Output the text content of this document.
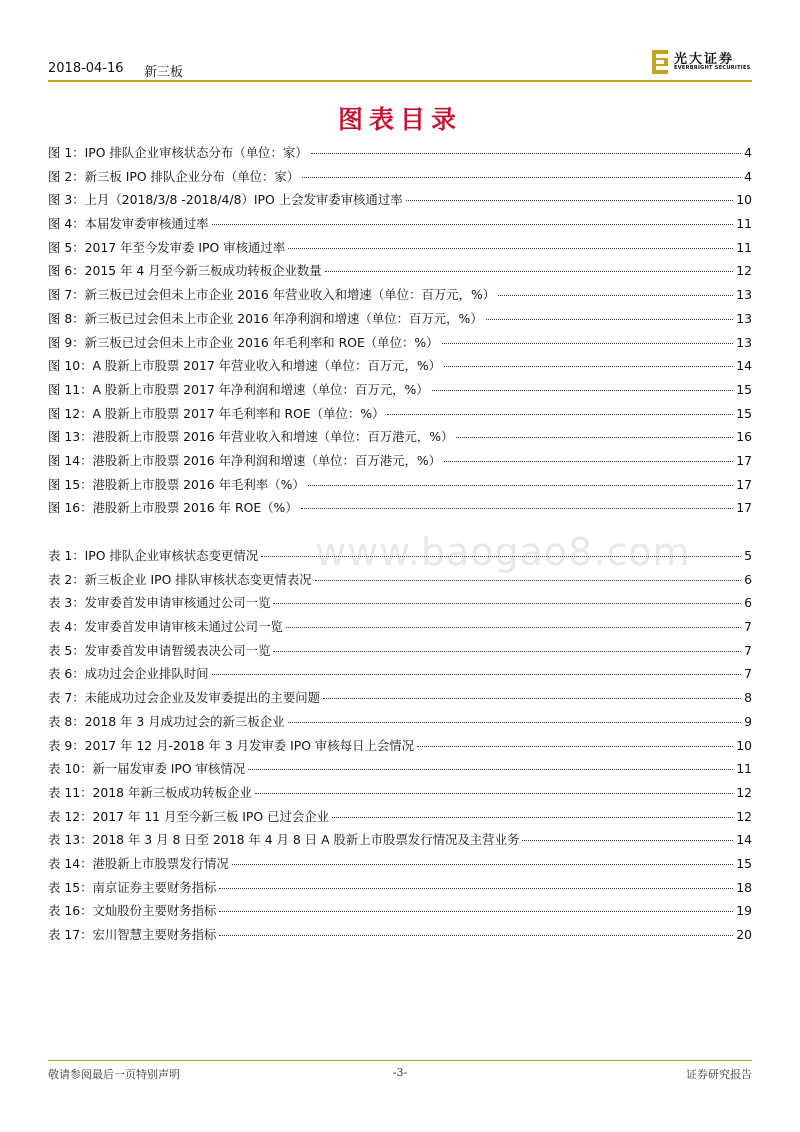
2018-04-16 新三板
光大证券
EVERBRIGHT SECURITIES
图表目录
www.baogao8.com
图 1：IPO 排队企业审核状态分布（单位：家）	4
图 2：新三板 IPO 排队企业分布（单位：家）	4
图 3：上月（2018/3/8 -2018/4/8）IPO 上会发审委审核通过率	10
图 4：本届发审委审核通过率	11
图 5：2017 年至今发审委 IPO 审核通过率	11
图 6：2015 年 4 月至今新三板成功转板企业数量	12
图 7：新三板已过会但未上市企业 2016 年营业收入和增速（单位：百万元，%）	13
图 8：新三板已过会但未上市企业 2016 年净利润和增速（单位：百万元，%）	13
图 9：新三板已过会但未上市企业 2016 年毛利率和 ROE（单位：%）	13
图 10：A 股新上市股票 2017 年营业收入和增速（单位：百万元，%）	14
图 11：A 股新上市股票 2017 年净利润和增速（单位：百万元，%）	15
图 12：A 股新上市股票 2017 年毛利率和 ROE（单位：%）	15
图 13：港股新上市股票 2016 年营业收入和增速（单位：百万港元，%）	16
图 14：港股新上市股票 2016 年净利润和增速（单位：百万港元，%）	17
图 15：港股新上市股票 2016 年毛利率（%）	17
图 16：港股新上市股票 2016 年 ROE（%）	17
表 1：IPO 排队企业审核状态变更情况	5
表 2：新三板企业 IPO 排队审核状态变更情表况	6
表 3：发审委首发申请审核通过公司一览	6
表 4：发审委首发申请审核未通过公司一览	7
表 5：发审委首发申请暂缓表决公司一览	7
表 6：成功过会企业排队时间	7
表 7：未能成功过会企业及发审委提出的主要问题	8
表 8：2018 年 3 月成功过会的新三板企业	9
表 9：2017 年 12 月-2018 年 3 月发审委 IPO 审核每日上会情况	10
表 10：新一届发审委 IPO 审核情况	11
表 11：2018 年新三板成功转板企业	12
表 12：2017 年 11 月至今新三板 IPO 已过会企业	12
表 13：2018 年 3 月 8 日至 2018 年 4 月 8 日 A 股新上市股票发行情况及主营业务	14
表 14：港股新上市股票发行情况	15
表 15：南京证券主要财务指标	18
表 16：文灿股份主要财务指标	19
表 17：宏川智慧主要财务指标	20
敬请参阅最后一页特别声明	-3-	证券研究报告
